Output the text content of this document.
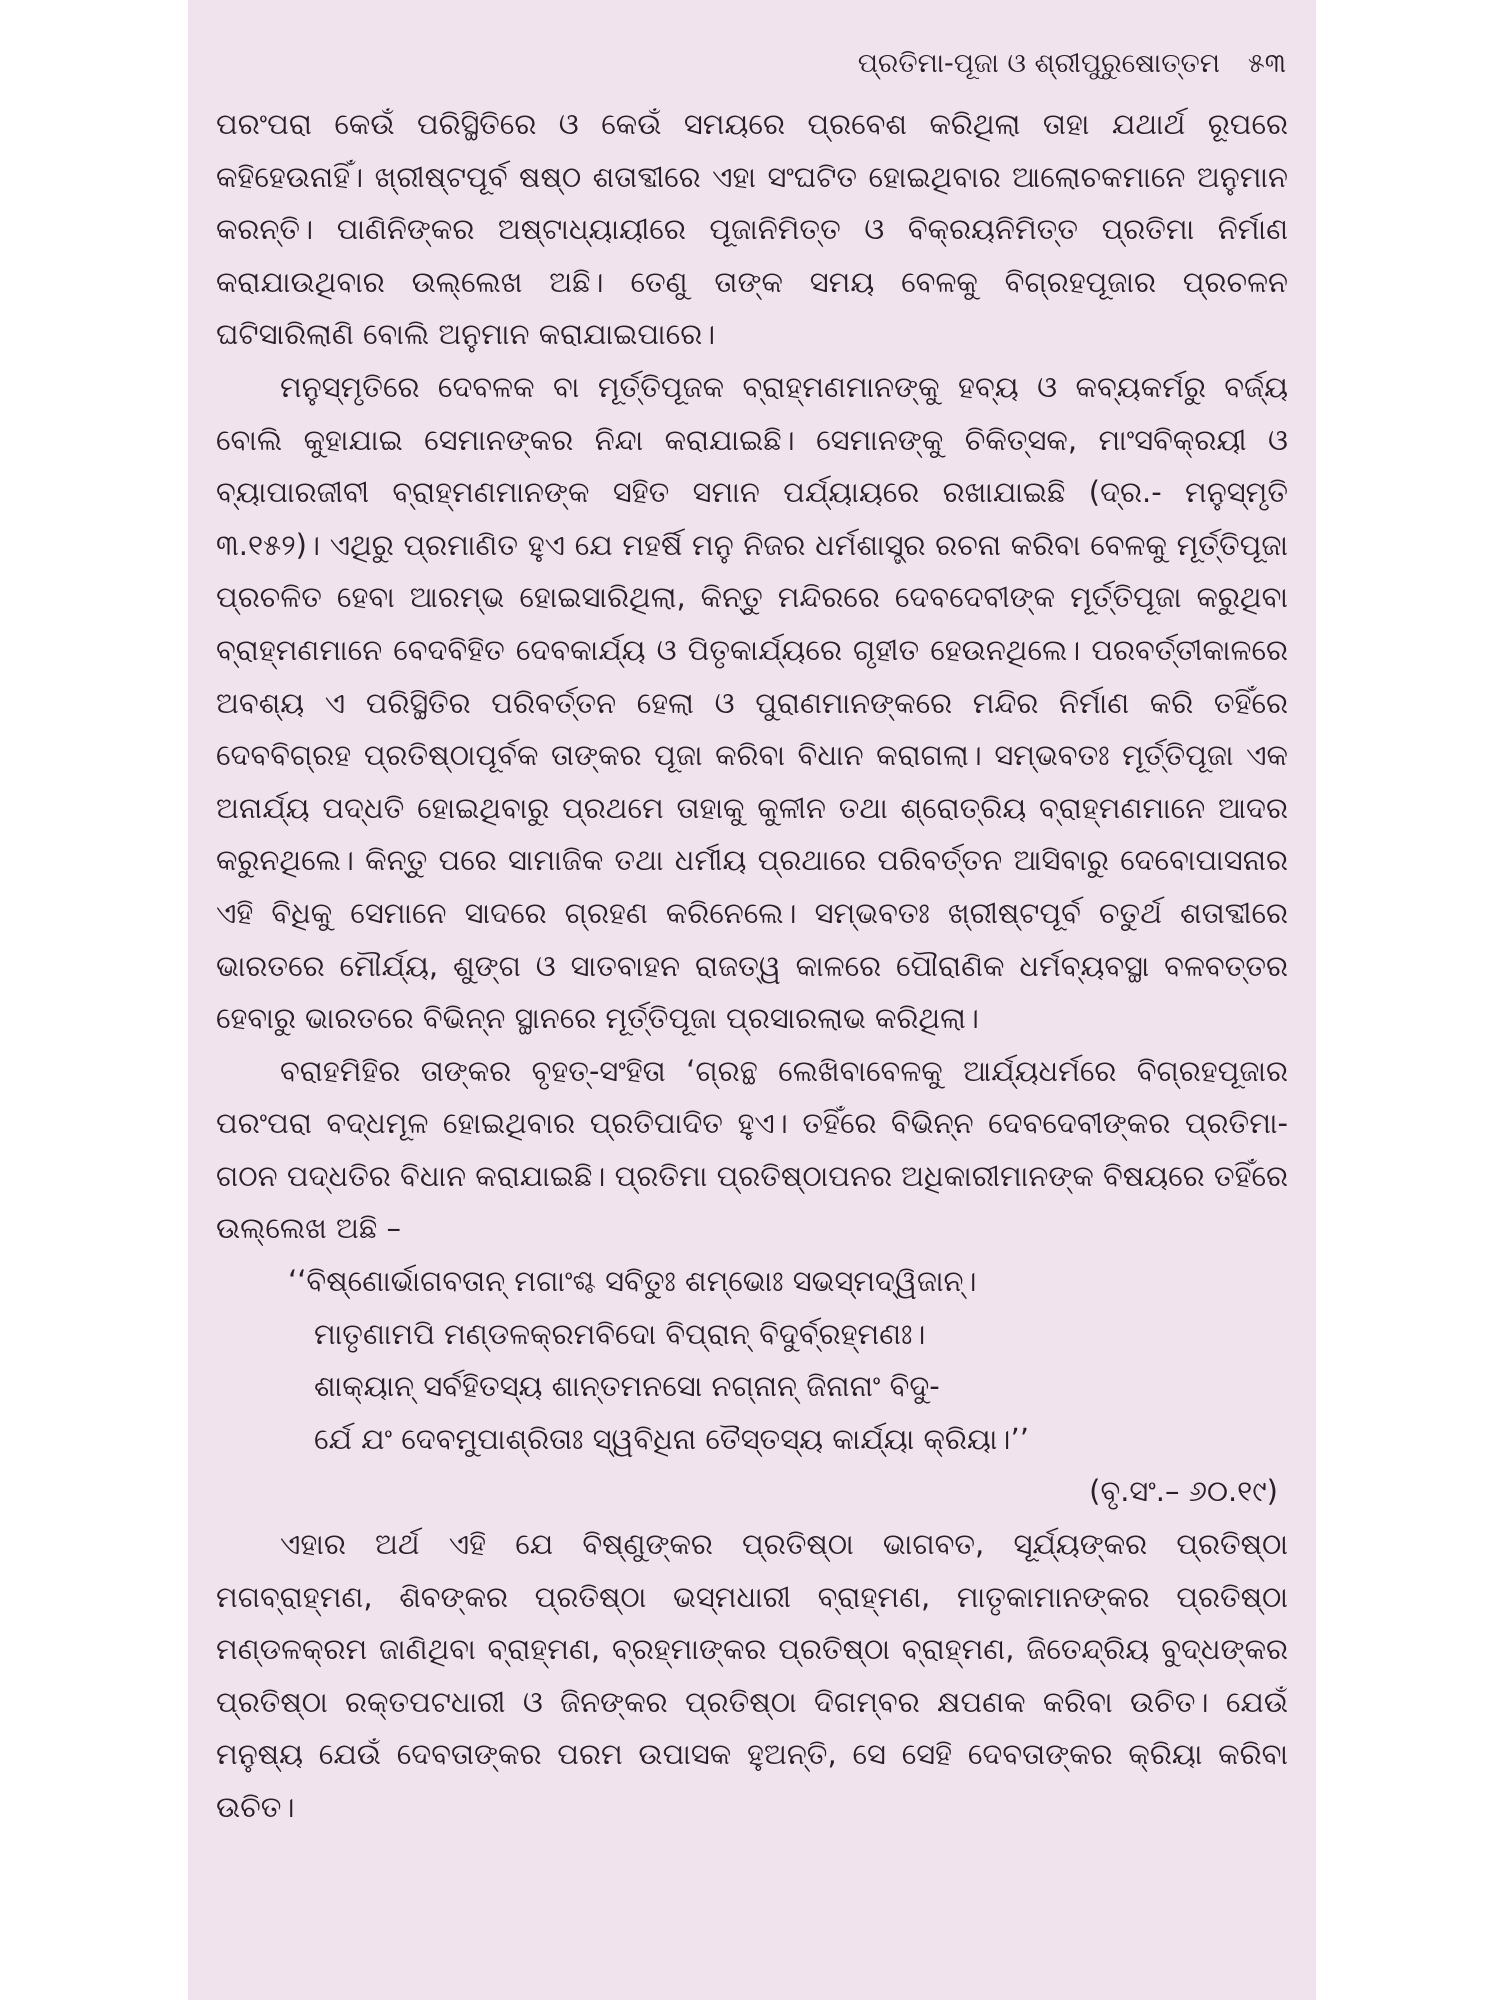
ପ୍ରତିମା-ପୂଜା ଓ ଶ୍ରୀପୁରୁଷୋତ୍ତମ ୫୩

ପରଂପରା କେଉଁ ପରିସ୍ଥିତିରେ ଓ କେଉଁ ସମୟରେ ପ୍ରବେଶ କରିଥିଲା ତାହା ଯଥାର୍ଥ ରୂପରେ କହିହେଉନାହିଁ। ଖ୍ରୀଷ୍ଟପୂର୍ବ ଷଷ୍ଠ ଶତାବ୍ଦୀରେ ଏହା ସଂଘଟିତ ହୋଇଥିବାର ଆଲୋଚକମାନେ ଅନୁମାନ କରନ୍ତି। ପାଣିନିଙ୍କର ଅଷ୍ଟାଧ୍ୟାୟୀରେ ପୂଜାନିମିତ୍ତ ଓ ବିକ୍ରୟନିମିତ୍ତ ପ୍ରତିମା ନିର୍ମାଣ କରାଯାଉଥିବାର ଉଲ୍ଲେଖ ଅଛି। ତେଣୁ ତାଙ୍କ ସମୟ ବେଳକୁ ବିଗ୍ରହପୂଜାର ପ୍ରଚଳନ ଘଟିସାରିଲାଣି ବୋଲି ଅନୁମାନ କରାଯାଇପାରେ।

ମନୁସ୍ମୃତିରେ ଦେବଳକ ବା ମୂର୍ତ୍ତିପୂଜକ ବ୍ରାହ୍ମଣମାନଙ୍କୁ ହବ୍ୟ ଓ କବ୍ୟକର୍ମରୁ ବର୍ଜ୍ୟ ବୋଲି କୁହାଯାଇ ସେମାନଙ୍କର ନିନ୍ଦା କରାଯାଇଛି। ସେମାନଙ୍କୁ ଚିକିତ୍ସକ, ମାଂସବିକ୍ରୟୀ ଓ ବ୍ୟାପାରଜୀବୀ ବ୍ରାହ୍ମଣମାନଙ୍କ ସହିତ ସମାନ ପର୍ଯ୍ୟାୟରେ ରଖାଯାଇଛି (ଦ୍ର.- ମନୁସ୍ମୃତି ୩.୧୫୨)। ଏଥିରୁ ପ୍ରମାଣିତ ହୁଏ ଯେ ମହର୍ଷି ମନୁ ନିଜର ଧର୍ମଶାସ୍ତ୍ର ରଚନା କରିବା ବେଳକୁ ମୂର୍ତ୍ତିପୂଜା ପ୍ରଚଳିତ ହେବା ଆରମ୍ଭ ହୋଇସାରିଥିଲା, କିନ୍ତୁ ମନ୍ଦିରରେ ଦେବଦେବୀଙ୍କ ମୂର୍ତ୍ତିପୂଜା କରୁଥିବା ବ୍ରାହ୍ମଣମାନେ ବେଦବିହିତ ଦେବକାର୍ଯ୍ୟ ଓ ପିତୃକାର୍ଯ୍ୟରେ ଗୃହୀତ ହେଉନଥିଲେ। ପରବର୍ତ୍ତୀକାଳରେ ଅବଶ୍ୟ ଏ ପରିସ୍ଥିତିର ପରିବର୍ତ୍ତନ ହେଲା ଓ ପୁରାଣମାନଙ୍କରେ ମନ୍ଦିର ନିର୍ମାଣ କରି ତହିଁରେ ଦେବବିଗ୍ରହ ପ୍ରତିଷ୍ଠାପୂର୍ବକ ତାଙ୍କର ପୂଜା କରିବା ବିଧାନ କରାଗଲା। ସମ୍ଭବତଃ ମୂର୍ତ୍ତିପୂଜା ଏକ ଅନାର୍ଯ୍ୟ ପଦ୍ଧତି ହୋଇଥିବାରୁ ପ୍ରଥମେ ତାହାକୁ କୁଳୀନ ତଥା ଶ୍ରୋତ୍ରିୟ ବ୍ରାହ୍ମଣମାନେ ଆଦର କରୁନଥିଲେ। କିନ୍ତୁ ପରେ ସାମାଜିକ ତଥା ଧର୍ମୀୟ ପ୍ରଥାରେ ପରିବର୍ତ୍ତନ ଆସିବାରୁ ଦେବୋପାସନାର ଏହି ବିଧିକୁ ସେମାନେ ସାଦରେ ଗ୍ରହଣ କରିନେଲେ। ସମ୍ଭବତଃ ଖ୍ରୀଷ୍ଟପୂର୍ବ ଚତୁର୍ଥ ଶତାବ୍ଦୀରେ ଭାରତରେ ମୌର୍ଯ୍ୟ, ଶୁଙ୍ଗ ଓ ସାତବାହନ ରାଜତ୍ୱ କାଳରେ ପୌରାଣିକ ଧର୍ମବ୍ୟବସ୍ଥା ବଳବତ୍ତର ହେବାରୁ ଭାରତରେ ବିଭିନ୍ନ ସ୍ଥାନରେ ମୂର୍ତ୍ତିପୂଜା ପ୍ରସାରଲାଭ କରିଥିଲା।

ବରାହମିହିର ତାଙ୍କର ବୃହତ୍-ସଂହିତା ‘ଗ୍ରନ୍ଥ ଲେଖିବାବେଳକୁ ଆର୍ଯ୍ୟଧର୍ମରେ ବିଗ୍ରହପୂଜାର ପରଂପରା ବଦ୍ଧମୂଳ ହୋଇଥିବାର ପ୍ରତିପାଦିତ ହୁଏ। ତହିଁରେ ବିଭିନ୍ନ ଦେବଦେବୀଙ୍କର ପ୍ରତିମା-ଗଠନ ପଦ୍ଧତିର ବିଧାନ କରାଯାଇଛି। ପ୍ରତିମା ପ୍ରତିଷ୍ଠାପନର ଅଧିକାରୀମାନଙ୍କ ବିଷୟରେ ତହିଁରେ ଉଲ୍ଲେଖ ଅଛି –

‘‘ବିଷ୍ଣୋର୍ଭାଗବତାନ୍ ମଗାଂଶ୍ଚ ସବିତୁଃ ଶମ୍ଭୋଃ ସଭସ୍ମଦ୍ୱିଜାନ୍।
ମାତୃଣାମପି ମଣ୍ଡଳକ୍ରମବିଦୋ ବିପ୍ରାନ୍ ବିଦୁର୍ବ୍ରହ୍ମଣଃ।
ଶାକ୍ୟାନ୍ ସର୍ବହିତସ୍ୟ ଶାନ୍ତମନସୋ ନଗ୍ନାନ୍ ଜିନାନାଂ ବିଦୁ-
ର୍ଯେ ଯଂ ଦେବମୁପାଶ୍ରିତାଃ ସ୍ୱବିଧିନା ତୈସ୍ତସ୍ୟ କାର୍ଯ୍ୟା କ୍ରିୟା।’’

(ବୃ.ସଂ.– ୬୦.୧୯)

ଏହାର ଅର୍ଥ ଏହି ଯେ ବିଷ୍ଣୁଙ୍କର ପ୍ରତିଷ୍ଠା ଭାଗବତ, ସୂର୍ଯ୍ୟଙ୍କର ପ୍ରତିଷ୍ଠା ମଗବ୍ରାହ୍ମଣ, ଶିବଙ୍କର ପ୍ରତିଷ୍ଠା ଭସ୍ମଧାରୀ ବ୍ରାହ୍ମଣ, ମାତୃକାମାନଙ୍କର ପ୍ରତିଷ୍ଠା ମଣ୍ଡଳକ୍ରମ ଜାଣିଥିବା ବ୍ରାହ୍ମଣ, ବ୍ରହ୍ମାଙ୍କର ପ୍ରତିଷ୍ଠା ବ୍ରାହ୍ମଣ, ଜିତେନ୍ଦ୍ରିୟ ବୁଦ୍ଧଙ୍କର ପ୍ରତିଷ୍ଠା ରକ୍ତପଟଧାରୀ ଓ ଜିନଙ୍କର ପ୍ରତିଷ୍ଠା ଦିଗମ୍ବର କ୍ଷପଣକ କରିବା ଉଚିତ। ଯେଉଁ ମନୁଷ୍ୟ ଯେଉଁ ଦେବତାଙ୍କର ପରମ ଉପାସକ ହୁଅନ୍ତି, ସେ ସେହି ଦେବତାଙ୍କର କ୍ରିୟା କରିବା ଉଚିତ।
